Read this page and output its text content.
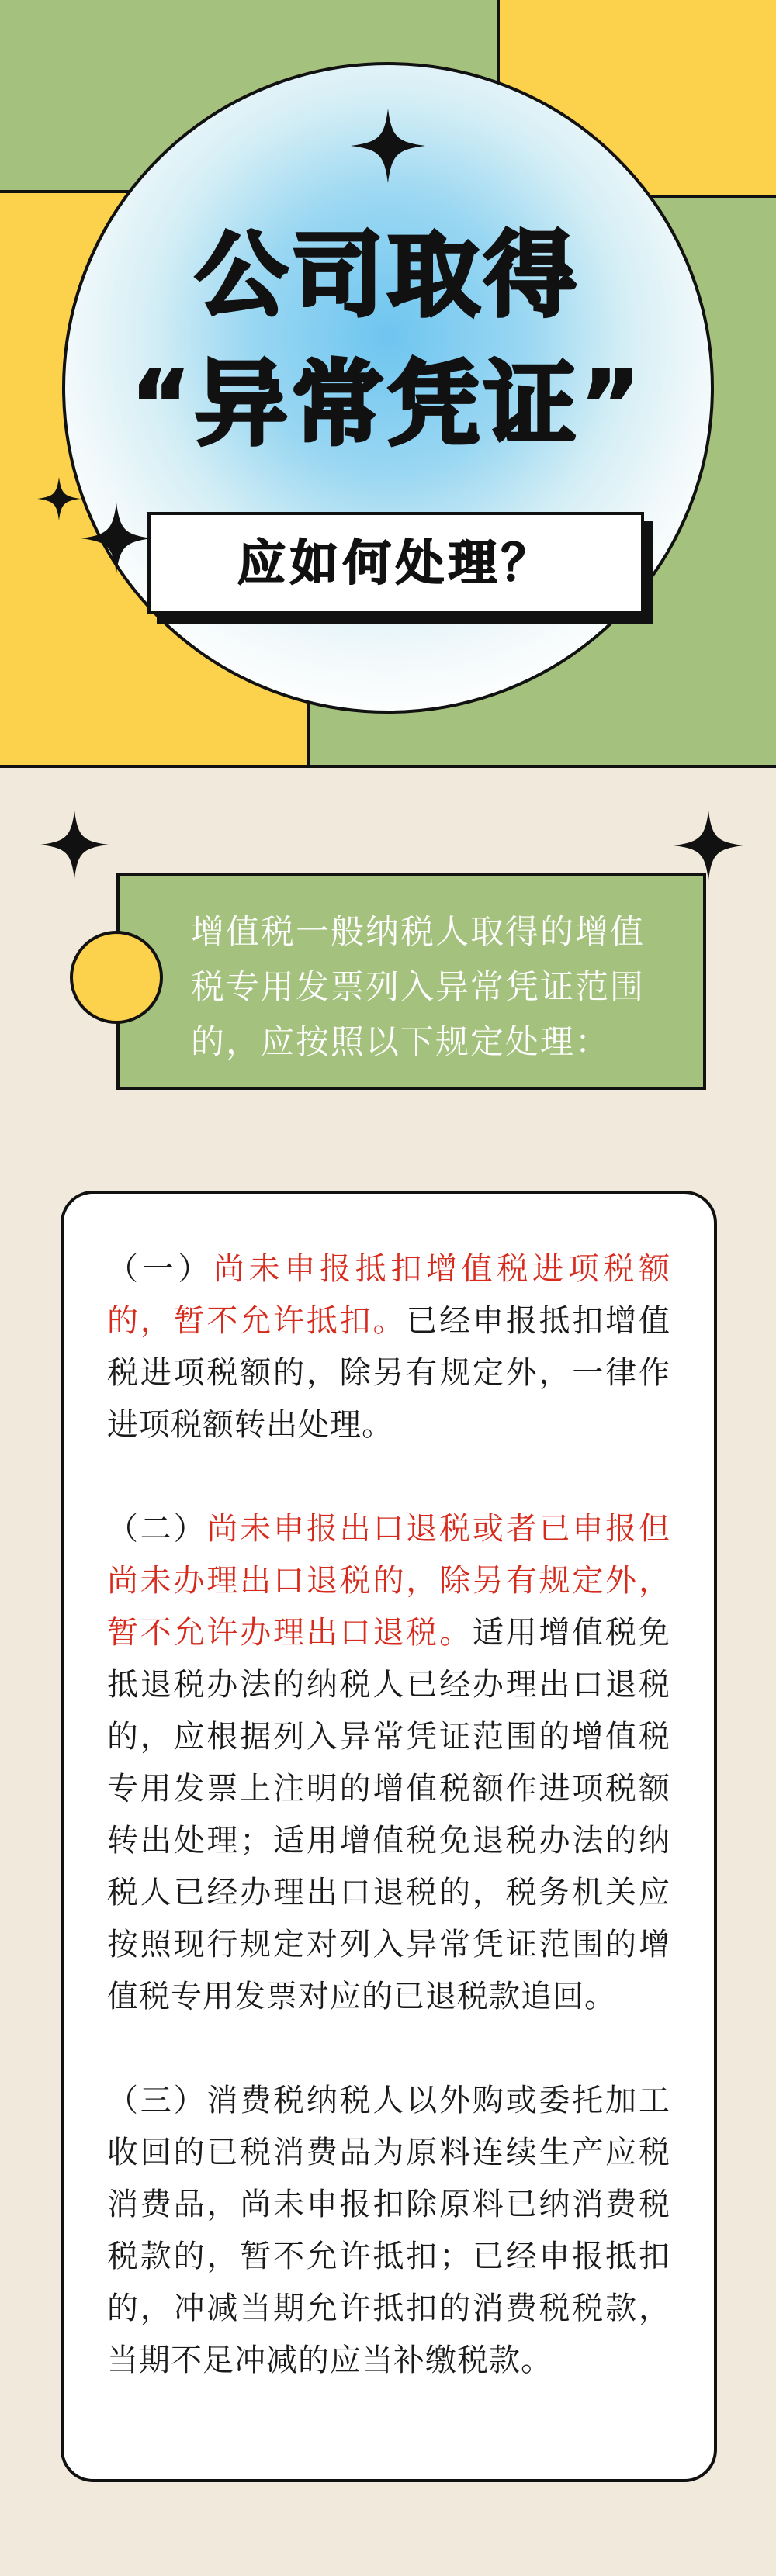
公司取得
“异常凭证”
应如何处理？
增值税一般纳税人取得的增值税专用发票列入异常凭证范围的，应按照以下规定处理：

（一）尚未申报抵扣增值税进项税额的，暂不允许抵扣。已经申报抵扣增值税进项税额的，除另有规定外，一律作进项税额转出处理。

（二）尚未申报出口退税或者已申报但尚未办理出口退税的，除另有规定外，暂不允许办理出口退税。适用增值税免抵退税办法的纳税人已经办理出口退税的，应根据列入异常凭证范围的增值税专用发票上注明的增值税额作进项税额转出处理；适用增值税免退税办法的纳税人已经办理出口退税的，税务机关应按照现行规定对列入异常凭证范围的增值税专用发票对应的已退税款追回。

（三）消费税纳税人以外购或委托加工收回的已税消费品为原料连续生产应税消费品，尚未申报扣除原料已纳消费税税款的，暂不允许抵扣；已经申报抵扣的，冲减当期允许抵扣的消费税税款，当期不足冲减的应当补缴税款。
